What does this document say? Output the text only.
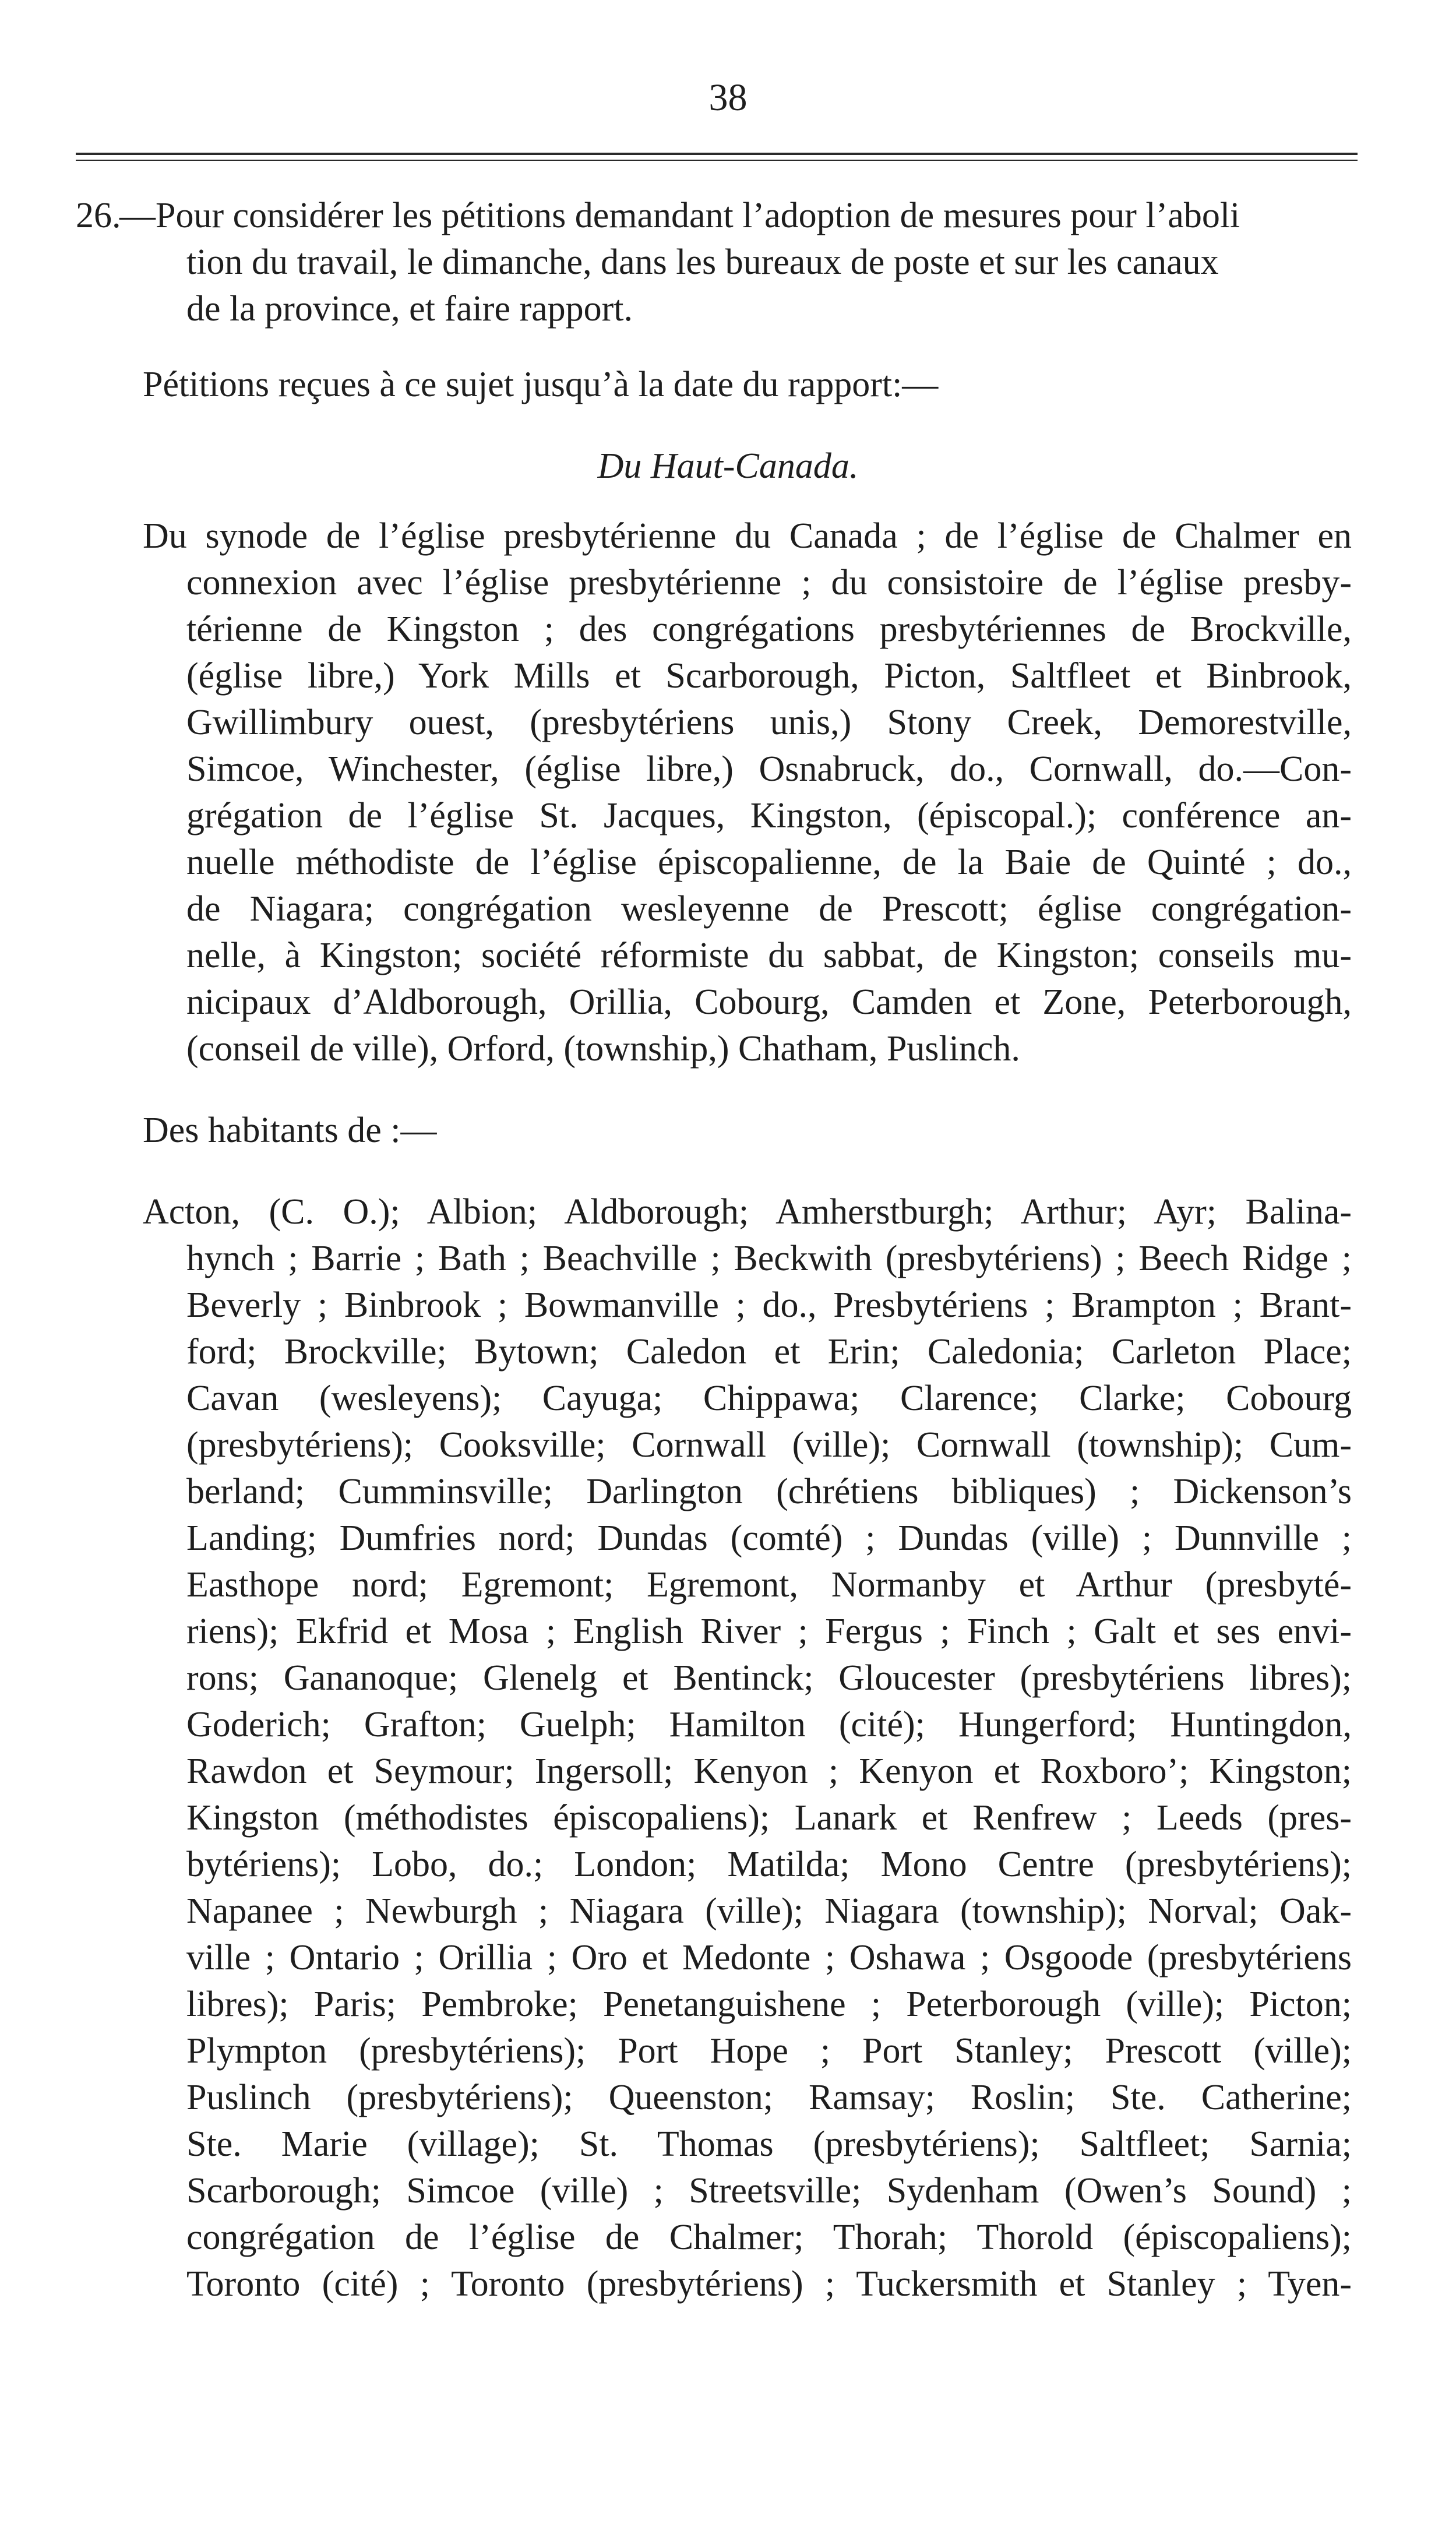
38
26.
—Pour considérer les pétitions demandant l’adoption de mesures pour l’aboli
tion du travail, le dimanche, dans les bureaux de poste et sur les canaux
de la province, et faire rapport.
Pétitions reçues à ce sujet jusqu’à la date du rapport:—
Du Haut-Canada.
Du synode de l’église presbytérienne du Canada ; de l’église de Chalmer en
connexion avec l’église presbytérienne ; du consistoire de l’église presby-
térienne de Kingston ; des congrégations presbytériennes de Brockville,
(église libre,) York Mills et Scarborough, Picton, Saltfleet et Binbrook,
Gwillimbury ouest, (presbytériens unis,) Stony Creek, Demorestville,
Simcoe, Winchester, (église libre,) Osnabruck, do., Cornwall, do.—Con-
grégation de l’église St. Jacques, Kingston, (épiscopal.); conférence an-
nuelle méthodiste de l’église épiscopalienne, de la Baie de Quinté ; do.,
de Niagara; congrégation wesleyenne de Prescott; église congrégation-
nelle, à Kingston; société réformiste du sabbat, de Kingston; conseils mu-
nicipaux d’Aldborough, Orillia, Cobourg, Camden et Zone, Peterborough,
(conseil de ville), Orford, (township,) Chatham, Puslinch.
Des habitants de :—
Acton, (C. O.); Albion; Aldborough; Amherstburgh; Arthur; Ayr; Balina-
hynch ; Barrie ; Bath ; Beachville ; Beckwith (presbytériens) ; Beech Ridge ;
Beverly ; Binbrook ; Bowmanville ; do., Presbytériens ; Brampton ; Brant-
ford; Brockville; Bytown; Caledon et Erin; Caledonia; Carleton Place;
Cavan (wesleyens); Cayuga; Chippawa; Clarence; Clarke; Cobourg
(presbytériens); Cooksville; Cornwall (ville); Cornwall (township); Cum-
berland; Cumminsville; Darlington (chrétiens bibliques) ; Dickenson’s
Landing; Dumfries nord; Dundas (comté) ; Dundas (ville) ; Dunnville ;
Easthope nord; Egremont; Egremont, Normanby et Arthur (presbyté-
riens); Ekfrid et Mosa ; English River ; Fergus ; Finch ; Galt et ses envi-
rons; Gananoque; Glenelg et Bentinck; Gloucester (presbytériens libres);
Goderich; Grafton; Guelph; Hamilton (cité); Hungerford; Huntingdon,
Rawdon et Seymour; Ingersoll; Kenyon ; Kenyon et Roxboro’; Kingston;
Kingston (méthodistes épiscopaliens); Lanark et Renfrew ; Leeds (pres-
bytériens); Lobo, do.; London; Matilda; Mono Centre (presbytériens);
Napanee ; Newburgh ; Niagara (ville); Niagara (township); Norval; Oak-
ville ; Ontario ; Orillia ; Oro et Medonte ; Oshawa ; Osgoode (presbytériens
libres); Paris; Pembroke; Penetanguishene ; Peterborough (ville); Picton;
Plympton (presbytériens); Port Hope ; Port Stanley; Prescott (ville);
Puslinch (presbytériens); Queenston; Ramsay; Roslin; Ste. Catherine;
Ste. Marie (village); St. Thomas (presbytériens); Saltfleet; Sarnia;
Scarborough; Simcoe (ville) ; Streetsville; Sydenham (Owen’s Sound) ;
congrégation de l’église de Chalmer; Thorah; Thorold (épiscopaliens);
Toronto (cité) ; Toronto (presbytériens) ; Tuckersmith et Stanley ; Tyen-
